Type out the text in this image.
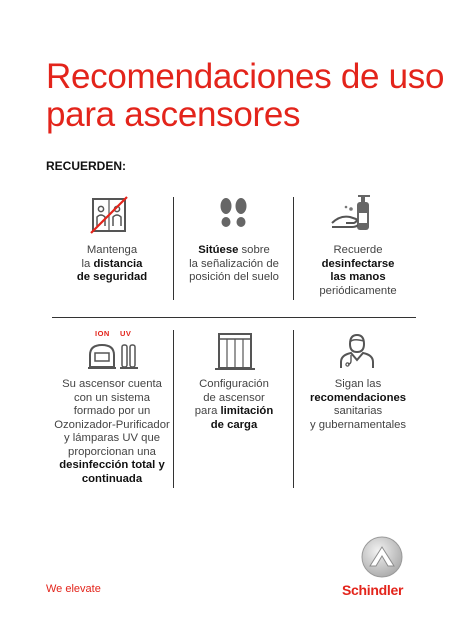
Recomendaciones de uso
para ascensores
RECUERDEN:
Mantenga
la distancia
de seguridad
Sitúese sobre
la señalización de
posición del suelo
Recuerde
desinfectarse
las manos
periódicamente
ION UV
Su ascensor cuenta
con un sistema
formado por un
Ozonizador-Purificador
y lámparas UV que
proporcionan una
desinfección total y
continuada
Configuración
de ascensor
para limitación
de carga
Sigan las
recomendaciones
sanitarias
y gubernamentales
We elevate	Schindler
